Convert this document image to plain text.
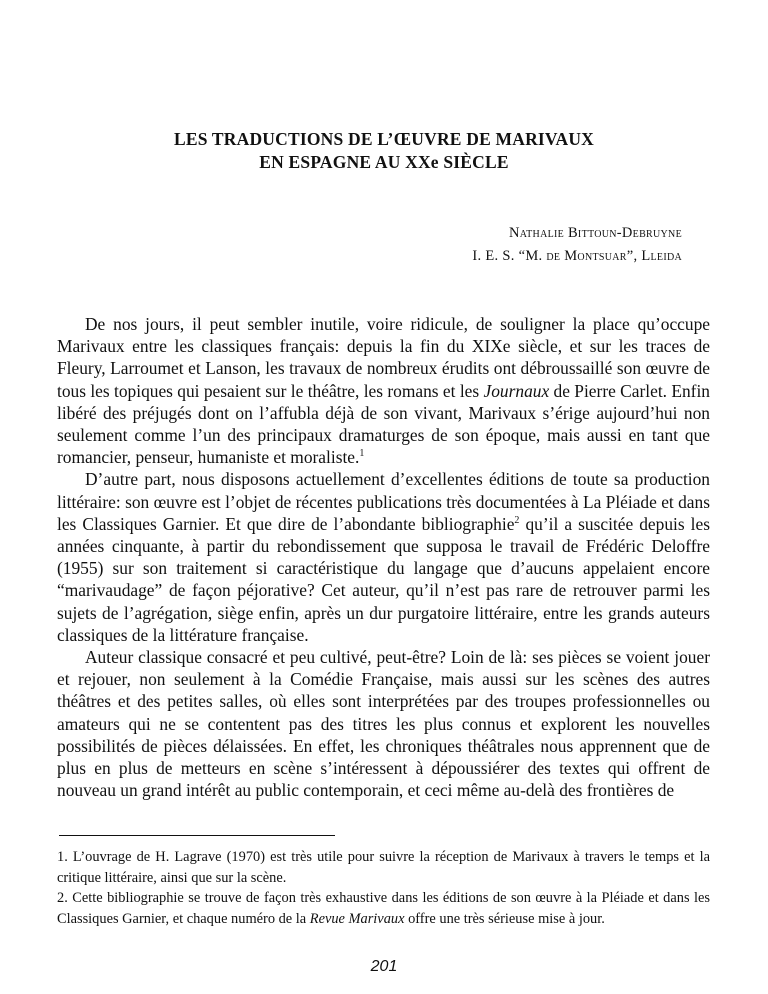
LES TRADUCTIONS DE L’ŒUVRE DE MARIVAUX
EN ESPAGNE AU XXe SIÈCLE
Nathalie Bittoun-Debruyne
I. E. S. “M. de Montsuar”, Lleida

De nos jours, il peut sembler inutile, voire ridicule, de souligner la place qu’occupe Marivaux entre les classiques français: depuis la fin du XIXe siècle, et sur les traces de Fleury, Larroumet et Lanson, les travaux de nombreux érudits ont débroussaillé son œuvre de tous les topiques qui pesaient sur le théâtre, les romans et les Journaux de Pierre Carlet. Enfin libéré des préjugés dont on l’affubla déjà de son vivant, Marivaux s’érige aujourd’hui non seulement comme l’un des principaux dramaturges de son époque, mais aussi en tant que romancier, penseur, humaniste et moraliste.$^1$

D’autre part, nous disposons actuellement d’excellentes éditions de toute sa production littéraire: son œuvre est l’objet de récentes publications très documentées à La Pléiade et dans les Classiques Garnier. Et que dire de l’abondante bibliographie$^2$ qu’il a suscitée depuis les années cinquante, à partir du rebondissement que supposa le travail de Frédéric Deloffre (1955) sur son traitement si caractéristique du langage que d’aucuns appelaient encore “marivaudage” de façon péjorative? Cet auteur, qu’il n’est pas rare de retrouver parmi les sujets de l’agrégation, siège enfin, après un dur purgatoire littéraire, entre les grands auteurs classiques de la littérature française.

Auteur classique consacré et peu cultivé, peut-être? Loin de là: ses pièces se voient jouer et rejouer, non seulement à la Comédie Française, mais aussi sur les scènes des autres théâtres et des petites salles, où elles sont interprétées par des troupes professionnelles ou amateurs qui ne se contentent pas des titres les plus connus et explorent les nouvelles possibilités de pièces délaissées. En effet, les chroniques théâtrales nous apprennent que de plus en plus de metteurs en scène s’intéressent à dépoussiérer des textes qui offrent de nouveau un grand intérêt au public contemporain, et ceci même au-delà des frontières de

1. L’ouvrage de H. Lagrave (1970) est très utile pour suivre la réception de Marivaux à travers le temps et la critique littéraire, ainsi que sur la scène.

2. Cette bibliographie se trouve de façon très exhaustive dans les éditions de son œuvre à la Pléiade et dans les Classiques Garnier, et chaque numéro de la Revue Marivaux offre une très sérieuse mise à jour.

201
